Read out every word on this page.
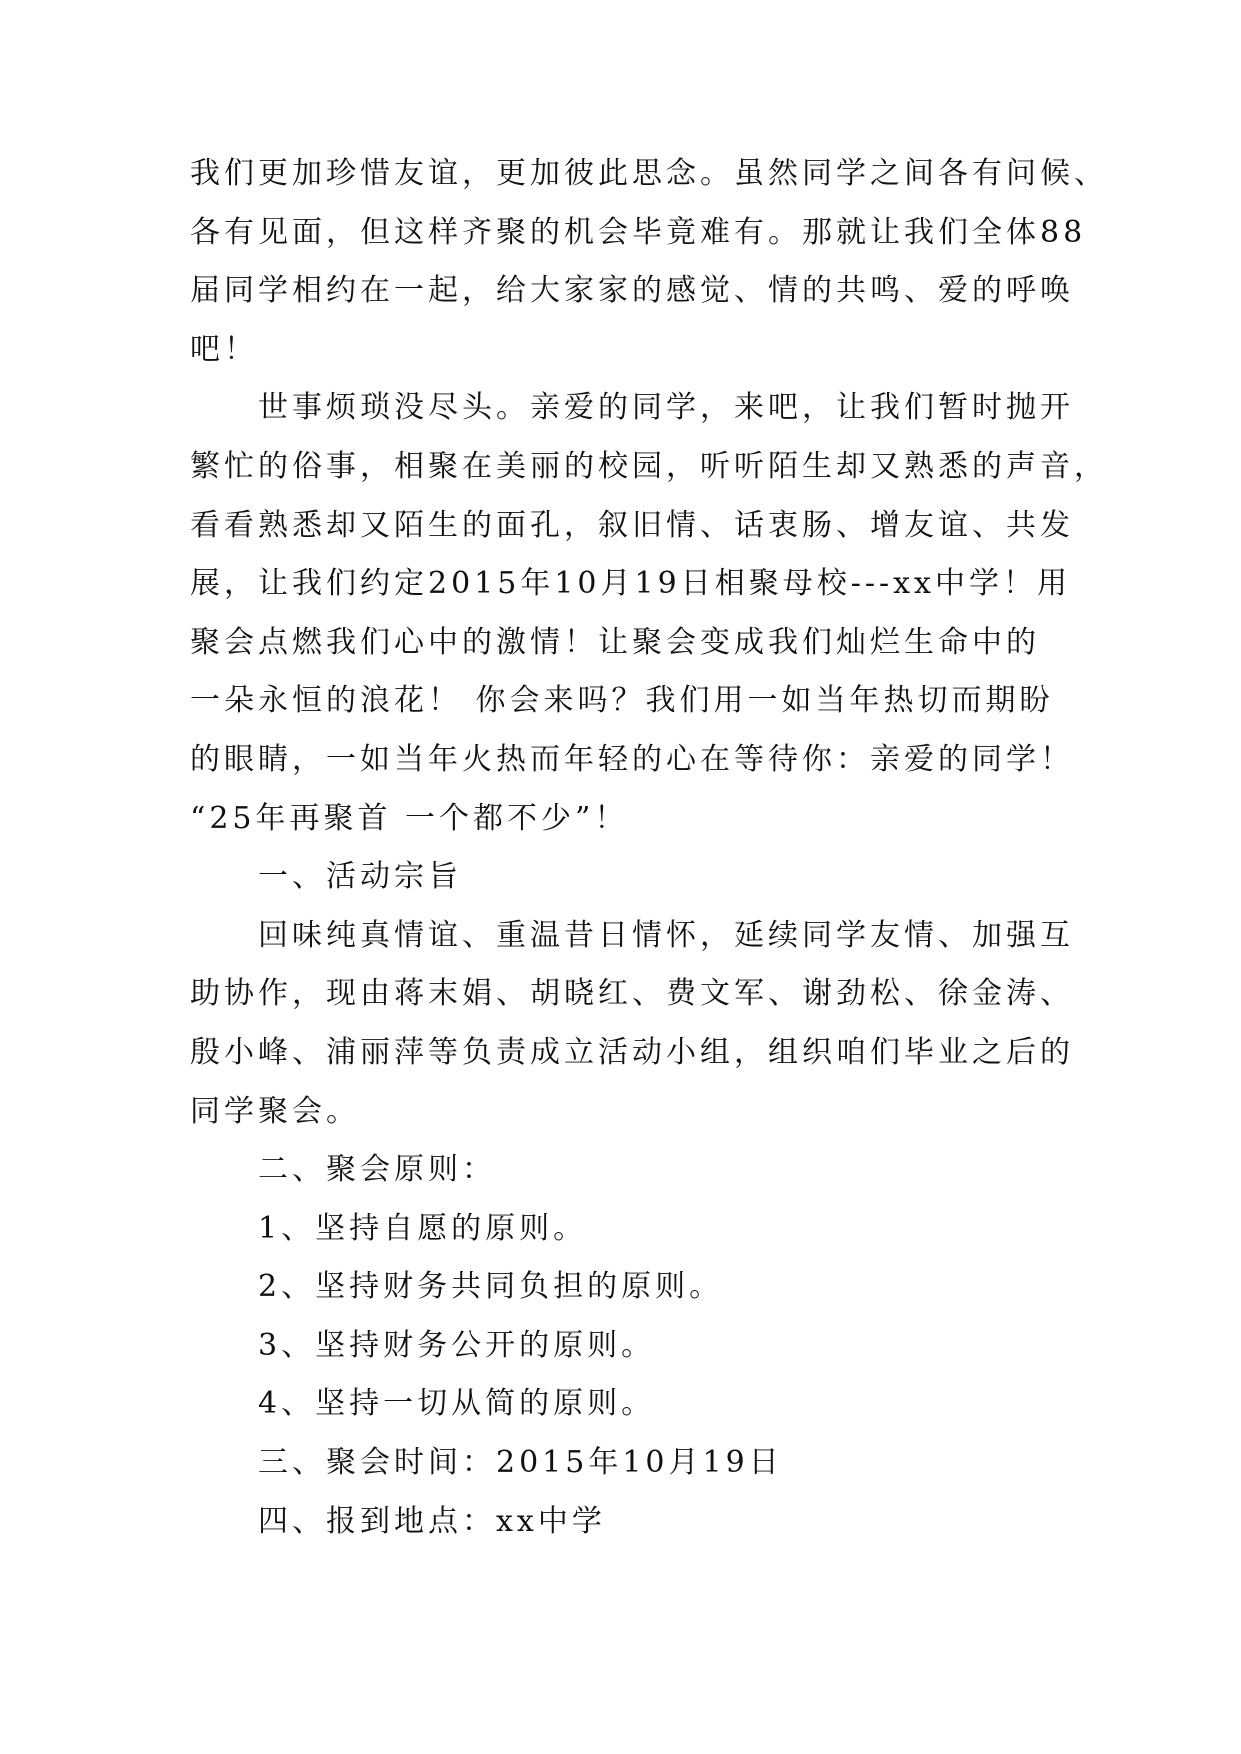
我们更加珍惜友谊，更加彼此思念。虽然同学之间各有问候、
各有见面，但这样齐聚的机会毕竟难有。那就让我们全体88
届同学相约在一起，给大家家的感觉、情的共鸣、爱的呼唤
吧！

世事烦琐没尽头。亲爱的同学，来吧，让我们暂时抛开
繁忙的俗事，相聚在美丽的校园，听听陌生却又熟悉的声音，
看看熟悉却又陌生的面孔，叙旧情、话衷肠、增友谊、共发
展，让我们约定2015年10月19日相聚母校---xx中学！用
聚会点燃我们心中的激情！让聚会变成我们灿烂生命中的
一朵永恒的浪花！ 你会来吗？我们用一如当年热切而期盼
的眼睛，一如当年火热而年轻的心在等待你：亲爱的同学！
“25年再聚首 一个都不少”！

一、活动宗旨

回味纯真情谊、重温昔日情怀，延续同学友情、加强互
助协作，现由蒋末娟、胡晓红、费文军、谢劲松、徐金涛、
殷小峰、浦丽萍等负责成立活动小组，组织咱们毕业之后的
同学聚会。

二、聚会原则：

1、坚持自愿的原则。

2、坚持财务共同负担的原则。

3、坚持财务公开的原则。

4、坚持一切从简的原则。

三、聚会时间：2015年10月19日

四、报到地点：xx中学
